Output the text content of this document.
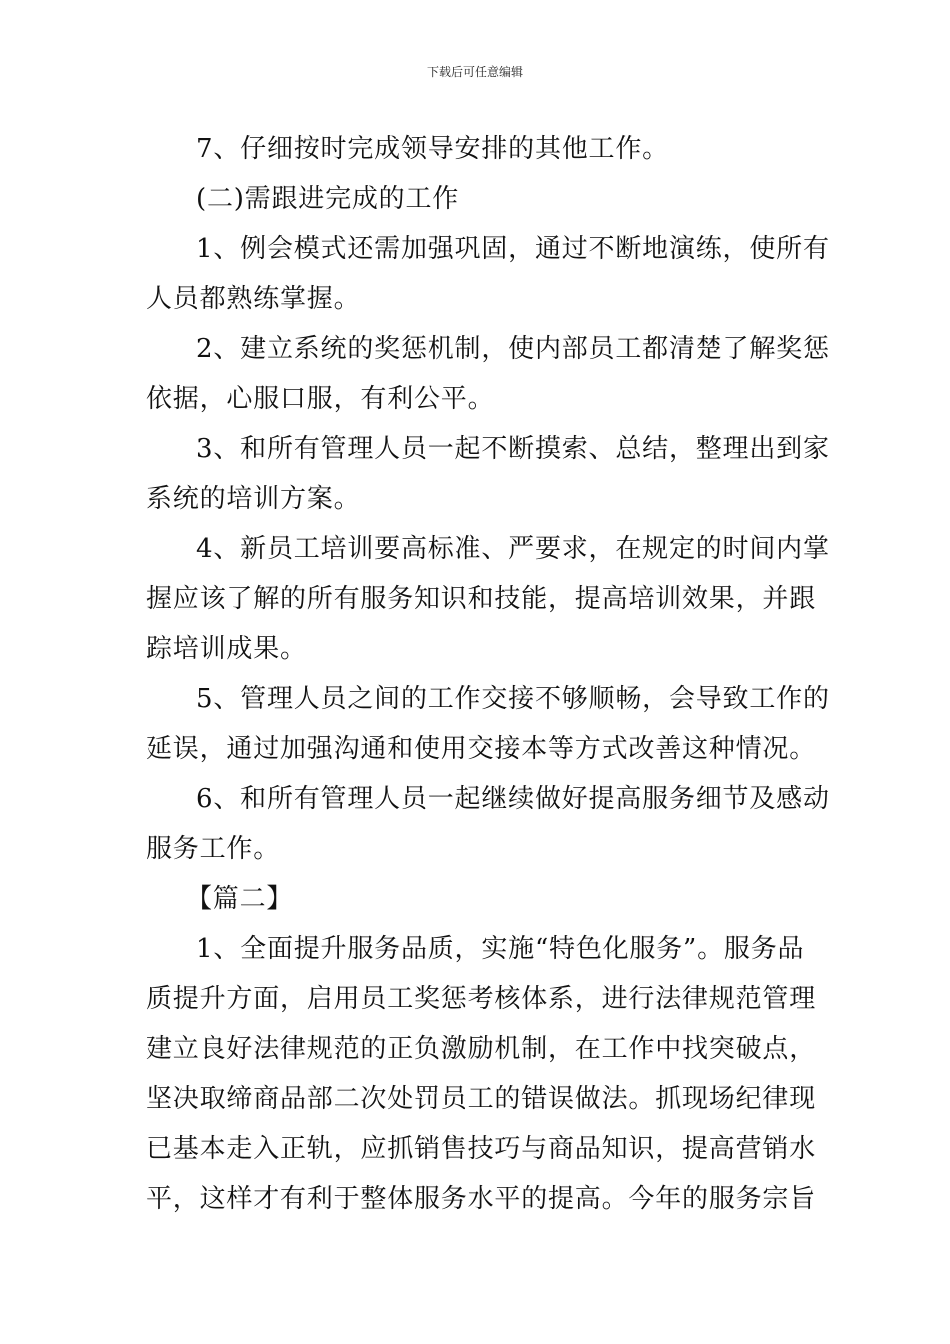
下载后可任意编辑
7、仔细按时完成领导安排的其他工作。
(二)需跟进完成的工作
1、例会模式还需加强巩固，通过不断地演练，使所有
人员都熟练掌握。
2、建立系统的奖惩机制，使内部员工都清楚了解奖惩
依据，心服口服，有利公平。
3、和所有管理人员一起不断摸索、总结，整理出到家
系统的培训方案。
4、新员工培训要高标准、严要求，在规定的时间内掌
握应该了解的所有服务知识和技能，提高培训效果，并跟
踪培训成果。
5、管理人员之间的工作交接不够顺畅，会导致工作的
延误，通过加强沟通和使用交接本等方式改善这种情况。
6、和所有管理人员一起继续做好提高服务细节及感动
服务工作。
【篇二】
1、全面提升服务品质，实施“特色化服务”。服务品
质提升方面，启用员工奖惩考核体系，进行法律规范管理
建立良好法律规范的正负激励机制，在工作中找突破点，
坚决取缔商品部二次处罚员工的错误做法。抓现场纪律现
已基本走入正轨，应抓销售技巧与商品知识，提高营销水
平，这样才有利于整体服务水平的提高。今年的服务宗旨
